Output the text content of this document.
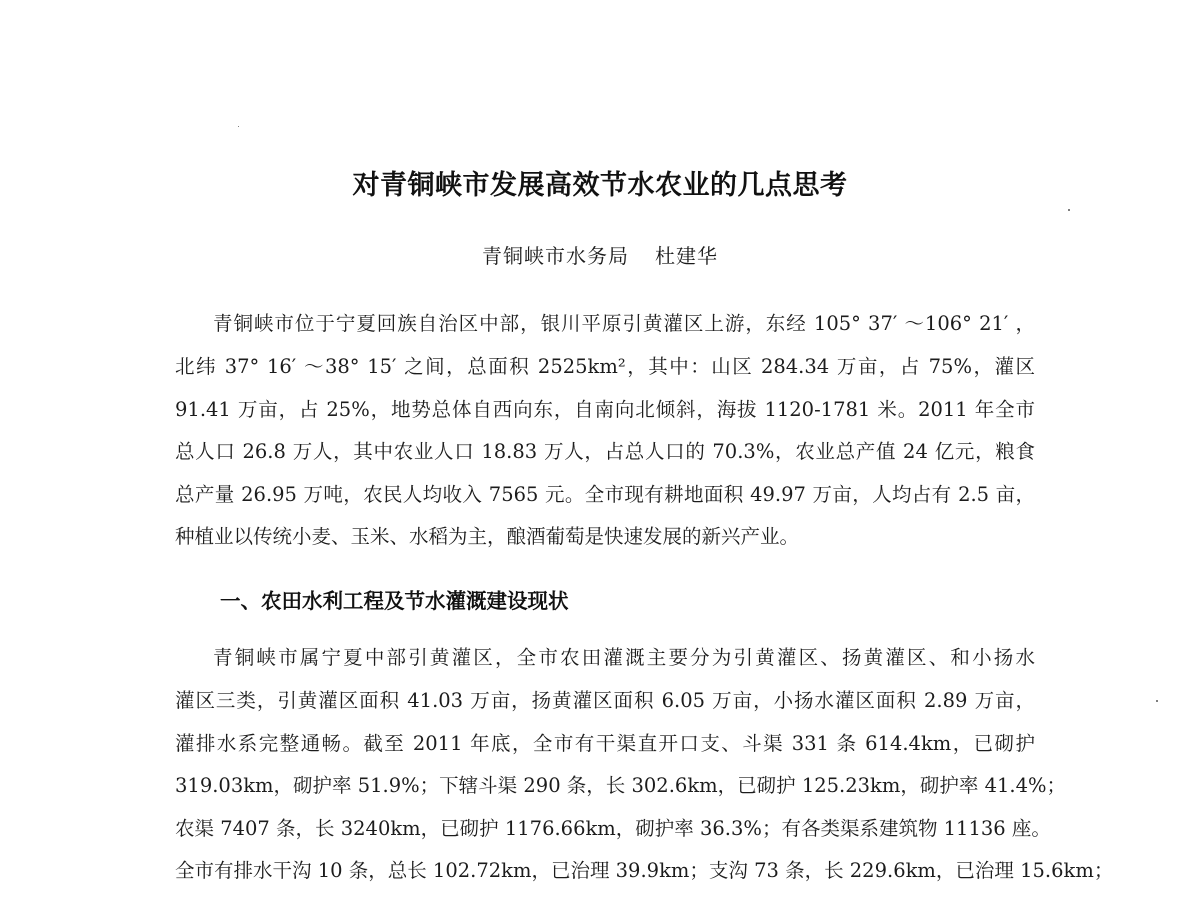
对青铜峡市发展高效节水农业的几点思考
青铜峡市水务局 杜建华
青铜峡市位于宁夏回族自治区中部，银川平原引黄灌区上游，东经 105° 37′ ～106° 21′ ，
北纬 37° 16′ ～38° 15′ 之间，总面积 2525km²，其中：山区 284.34 万亩，占 75%，灌区
91.41 万亩，占 25%，地势总体自西向东，自南向北倾斜，海拔 1120-1781 米。2011 年全市
总人口 26.8 万人，其中农业人口 18.83 万人，占总人口的 70.3%，农业总产值 24 亿元，粮食
总产量 26.95 万吨，农民人均收入 7565 元。全市现有耕地面积 49.97 万亩，人均占有 2.5 亩，
种植业以传统小麦、玉米、水稻为主，酿酒葡萄是快速发展的新兴产业。
一、农田水利工程及节水灌溉建设现状
青铜峡市属宁夏中部引黄灌区，全市农田灌溉主要分为引黄灌区、扬黄灌区、和小扬水
灌区三类，引黄灌区面积 41.03 万亩，扬黄灌区面积 6.05 万亩，小扬水灌区面积 2.89 万亩，
灌排水系完整通畅。截至 2011 年底，全市有干渠直开口支、斗渠 331 条 614.4km，已砌护
319.03km，砌护率 51.9%；下辖斗渠 290 条，长 302.6km，已砌护 125.23km，砌护率 41.4%；
农渠 7407 条，长 3240km，已砌护 1176.66km，砌护率 36.3%；有各类渠系建筑物 11136 座。
全市有排水干沟 10 条，总长 102.72km，已治理 39.9km；支沟 73 条，长 229.6km，已治理 15.6km；
